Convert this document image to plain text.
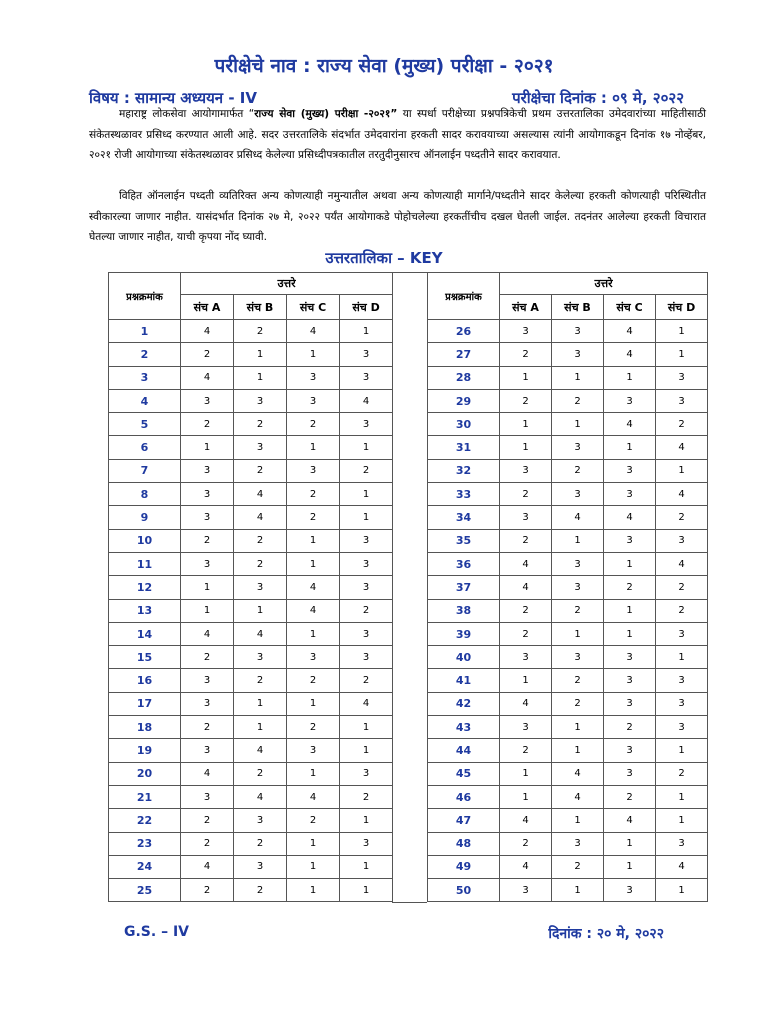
परीक्षेचे नाव : राज्य सेवा (मुख्य) परीक्षा - २०२१
विषय : सामान्य अध्ययन - IV	परीक्षेचा दिनांक : ०९ मे, २०२२
महाराष्ट्र लोकसेवा आयोगामार्फत “राज्य सेवा (मुख्य) परीक्षा -२०२१” या स्पर्धा परीक्षेच्या प्रश्नपत्रिकेची प्रथम उत्तरतालिका उमेदवारांच्या माहितीसाठी संकेतस्थळावर प्रसिध्द करण्यात आली आहे. सदर उत्तरतालिके संदर्भात उमेदवारांना हरकती सादर करावयाच्या असल्यास त्यांनी आयोगाकडून दिनांक १७ नोव्हेंबर, २०२१ रोजी आयोगाच्या संकेतस्थळावर प्रसिध्द केलेल्या प्रसिध्दीपत्रकातील तरतुदीनुसारच ऑनलाईन पध्दतीने सादर करावयात.
विहित ऑनलाईन पध्दती व्यतिरिक्त अन्य कोणत्याही नमुन्यातील अथवा अन्य कोणत्याही मार्गाने/पध्दतीने सादर केलेल्या हरकती कोणत्याही परिस्थितीत स्वीकारल्या जाणार नाहीत. यासंदर्भात दिनांक २७ मे, २०२२ पर्यंत आयोगाकडे पोहोचलेल्या हरकतींचीच दखल घेतली जाईल. तदनंतर आलेल्या हरकती विचारात घेतल्या जाणार नाहीत, याची कृपया नोंद घ्यावी.
उत्तरतालिका – KEY
प्रश्नक्रमांक	उत्तरे			
	संच A	संच B	संच C	संच D
1	4	2	4	1
2	2	1	1	3
3	4	1	3	3
4	3	3	3	4
5	2	2	2	3
6	1	3	1	1
7	3	2	3	2
8	3	4	2	1
9	3	4	2	1
10	2	2	1	3
11	3	2	1	3
12	1	3	4	3
13	1	1	4	2
14	4	4	1	3
15	2	3	3	3
16	3	2	2	2
17	3	1	1	4
18	2	1	2	1
19	3	4	3	1
20	4	2	1	3
21	3	4	4	2
22	2	3	2	1
23	2	2	1	3
24	4	3	1	1
25	2	2	1	1
प्रश्नक्रमांक	उत्तरे			
	संच A	संच B	संच C	संच D
26	3	3	4	1
27	2	3	4	1
28	1	1	1	3
29	2	2	3	3
30	1	1	4	2
31	1	3	1	4
32	3	2	3	1
33	2	3	3	4
34	3	4	4	2
35	2	1	3	3
36	4	3	1	4
37	4	3	2	2
38	2	2	1	2
39	2	1	1	3
40	3	3	3	1
41	1	2	3	3
42	4	2	3	3
43	3	1	2	3
44	2	1	3	1
45	1	4	3	2
46	1	4	2	1
47	4	1	4	1
48	2	3	1	3
49	4	2	1	4
50	3	1	3	1
G.S. – IV	दिनांक : २० मे, २०२२
